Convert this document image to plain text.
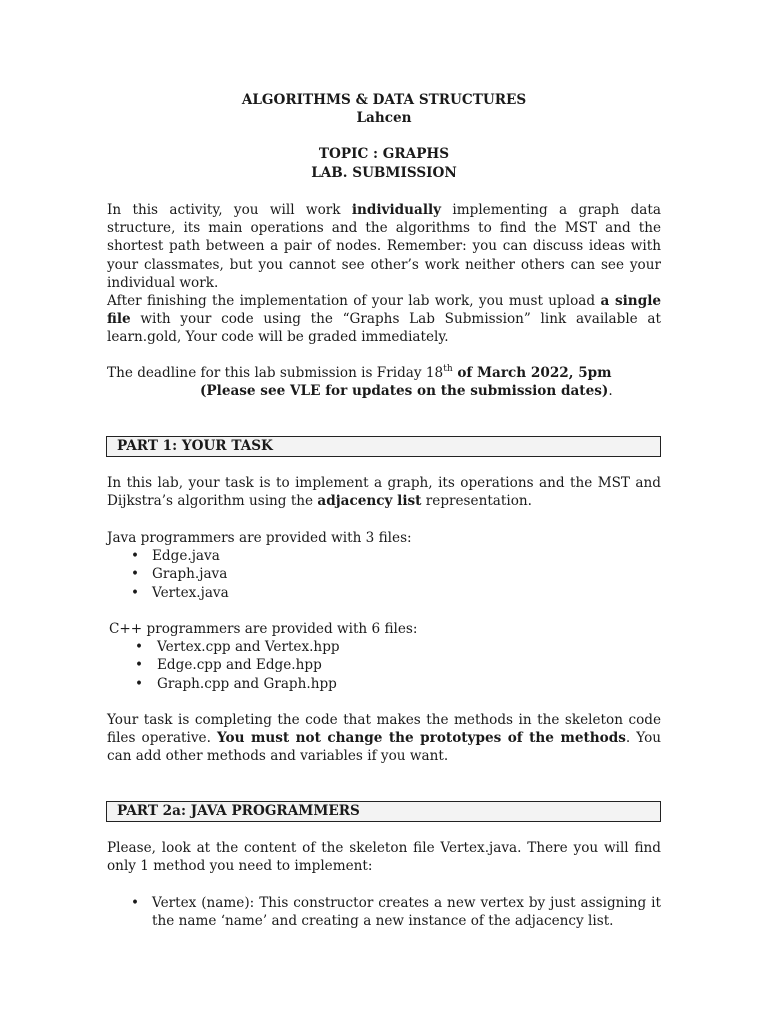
ALGORITHMS & DATA STRUCTURES
Lahcen
TOPIC : GRAPHS
LAB. SUBMISSION
In this activity, you will work individually implementing a graph data structure, its main operations and the algorithms to find the MST and the shortest path between a pair of nodes. Remember: you can discuss ideas with your classmates, but you cannot see other’s work neither others can see your individual work.
After finishing the implementation of your lab work, you must upload a single file with your code using the “Graphs Lab Submission” link available at learn.gold, Your code will be graded immediately.
The deadline for this lab submission is Friday 18th of March 2022, 5pm
(Please see VLE for updates on the submission dates).
PART 1: YOUR TASK
In this lab, your task is to implement a graph, its operations and the MST and Dijkstra’s algorithm using the adjacency list representation.
Java programmers are provided with 3 files:
• Edge.java
• Graph.java
• Vertex.java
C++ programmers are provided with 6 files:
• Vertex.cpp and Vertex.hpp
• Edge.cpp and Edge.hpp
• Graph.cpp and Graph.hpp
Your task is completing the code that makes the methods in the skeleton code files operative. You must not change the prototypes of the methods. You can add other methods and variables if you want.
PART 2a: JAVA PROGRAMMERS
Please, look at the content of the skeleton file Vertex.java. There you will find only 1 method you need to implement:
• Vertex (name): This constructor creates a new vertex by just assigning it the name ‘name’ and creating a new instance of the adjacency list.
